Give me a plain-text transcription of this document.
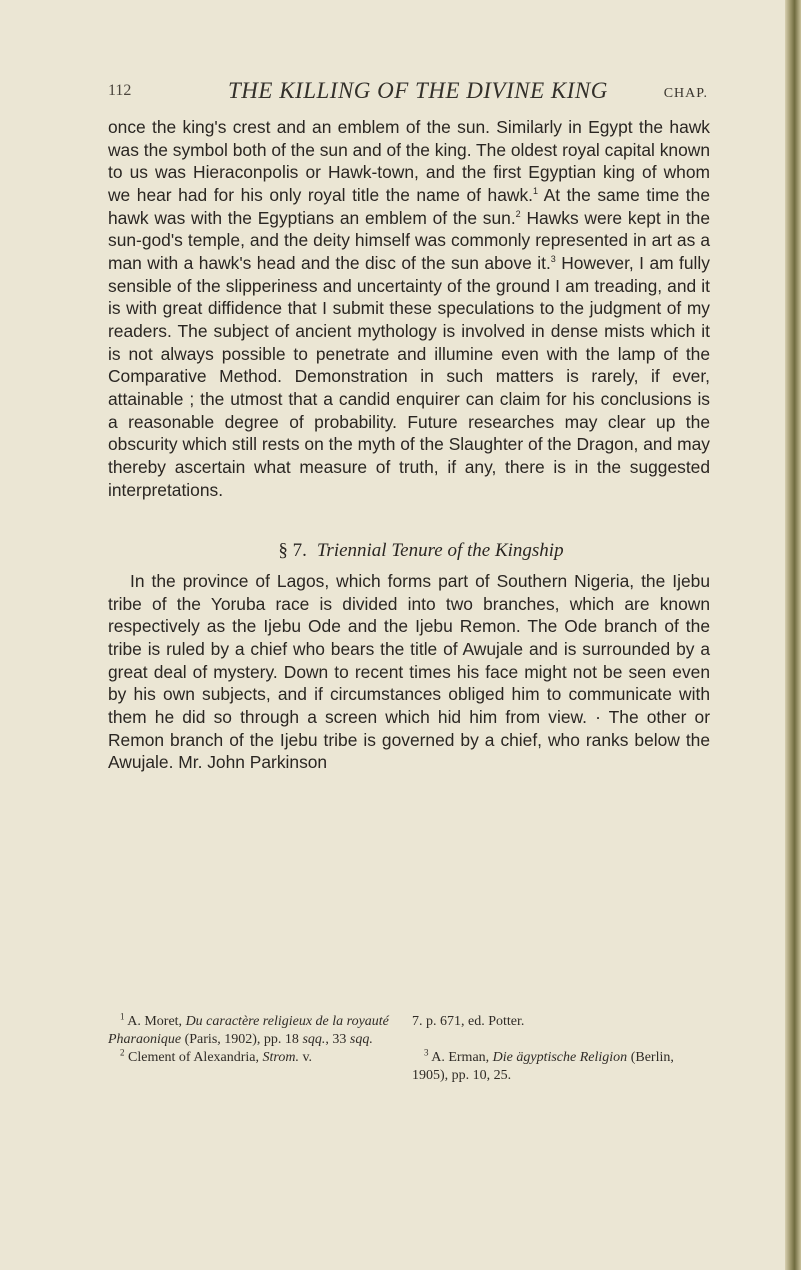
112	THE KILLING OF THE DIVINE KING	CHAP.

once the king's crest and an emblem of the sun. Similarly in Egypt the hawk was the symbol both of the sun and of the king. The oldest royal capital known to us was Hieraconpolis or Hawk-town, and the first Egyptian king of whom we hear had for his only royal title the name of hawk.$^1$ At the same time the hawk was with the Egyptians an emblem of the sun.$^2$ Hawks were kept in the sun-god's temple, and the deity himself was commonly represented in art as a man with a hawk's head and the disc of the sun above it.$^3$ However, I am fully sensible of the slipperiness and uncertainty of the ground I am treading, and it is with great diffidence that I submit these speculations to the judgment of my readers. The subject of ancient mythology is involved in dense mists which it is not always possible to penetrate and illumine even with the lamp of the Comparative Method. Demonstration in such matters is rarely, if ever, attainable ; the utmost that a candid enquirer can claim for his conclusions is a reasonable degree of probability. Future researches may clear up the obscurity which still rests on the myth of the Slaughter of the Dragon, and may thereby ascertain what measure of truth, if any, there is in the suggested interpretations.

§ 7. Triennial Tenure of the Kingship

In the province of Lagos, which forms part of Southern Nigeria, the Ijebu tribe of the Yoruba race is divided into two branches, which are known respectively as the Ijebu Ode and the Ijebu Remon. The Ode branch of the tribe is ruled by a chief who bears the title of Awujale and is surrounded by a great deal of mystery. Down to recent times his face might not be seen even by his own subjects, and if circumstances obliged him to communicate with them he did so through a screen which hid him from view. · The other or Remon branch of the Ijebu tribe is governed by a chief, who ranks below the Awujale. Mr. John Parkinson

$^1$ A. Moret, Du caractère religieux de la royauté Pharaonique (Paris, 1902), pp. 18 sqq., 33 sqq.

$^2$ Clement of Alexandria, Strom. v.

7. p. 671, ed. Potter.

$^3$ A. Erman, Die ägyptische Religion (Berlin, 1905), pp. 10, 25.
